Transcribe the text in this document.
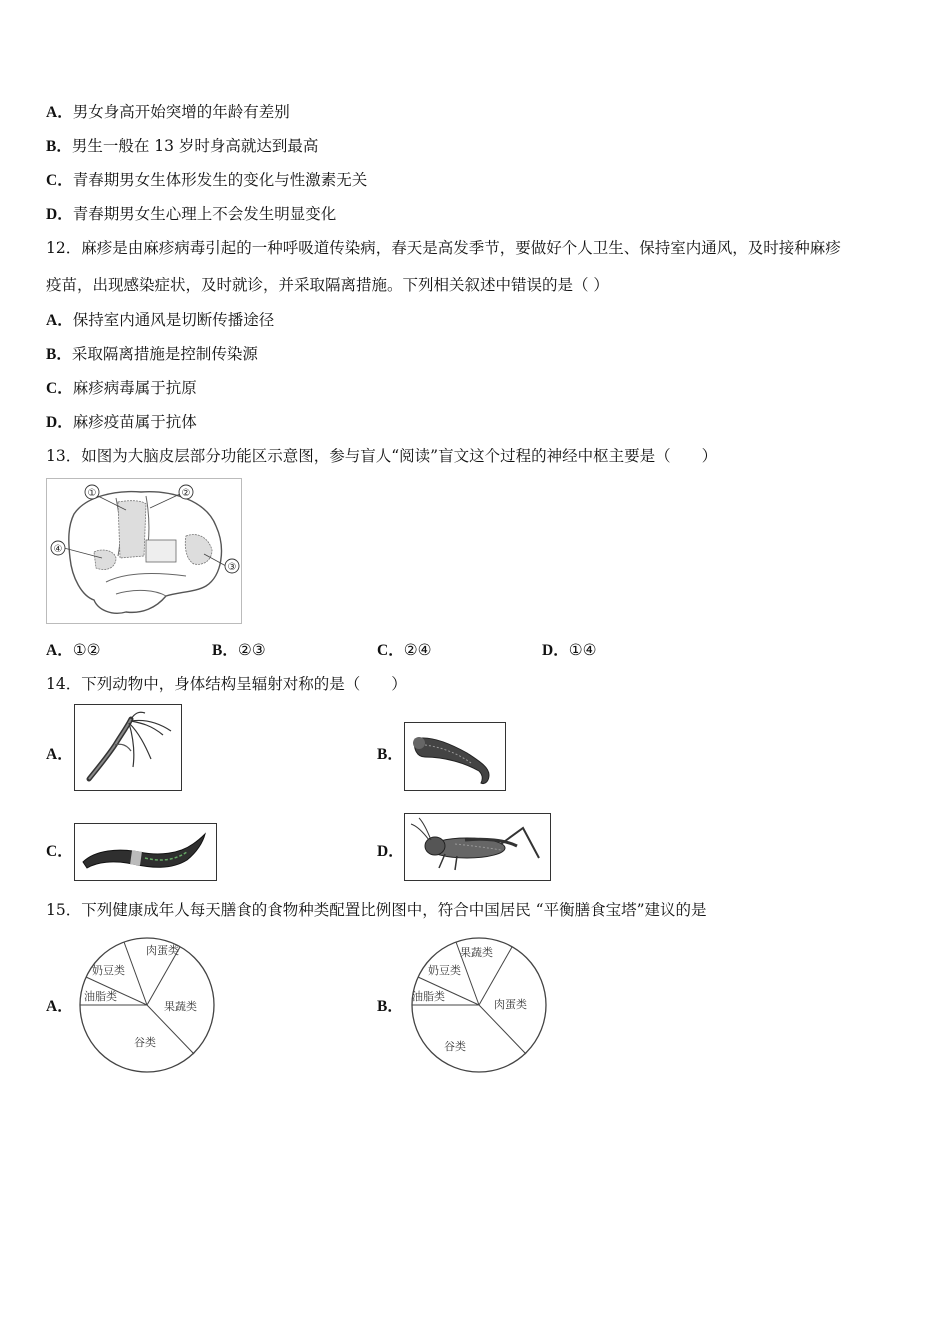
A．男女身高开始突增的年龄有差别
B．男生一般在 13 岁时身高就达到最高
C．青春期男女生体形发生的变化与性激素无关
D．青春期男女生心理上不会发生明显变化
12．麻疹是由麻疹病毒引起的一种呼吸道传染病，春天是高发季节，要做好个人卫生、保持室内通风，及时接种麻疹
疫苗，出现感染症状，及时就诊，并采取隔离措施。下列相关叙述中错误的是（ ）
A．保持室内通风是切断传播途径
B．采取隔离措施是控制传染源
C．麻疹病毒属于抗原
D．麻疹疫苗属于抗体
13．如图为大脑皮层部分功能区示意图，参与盲人“阅读”盲文这个过程的神经中枢主要是（　　）
①	②
③
④
A．①②	B．②③	C．②④	D．①④
14．下列动物中，身体结构呈辐射对称的是（　　）
A．	B．
C．	D．
15．下列健康成年人每天膳食的食物种类配置比例图中，符合中国居民 “平衡膳食宝塔”建议的是
A．
谷类
油脂类
奶豆类
肉蛋类
果蔬类	B．
谷类
油脂类
奶豆类
果蔬类
肉蛋类
